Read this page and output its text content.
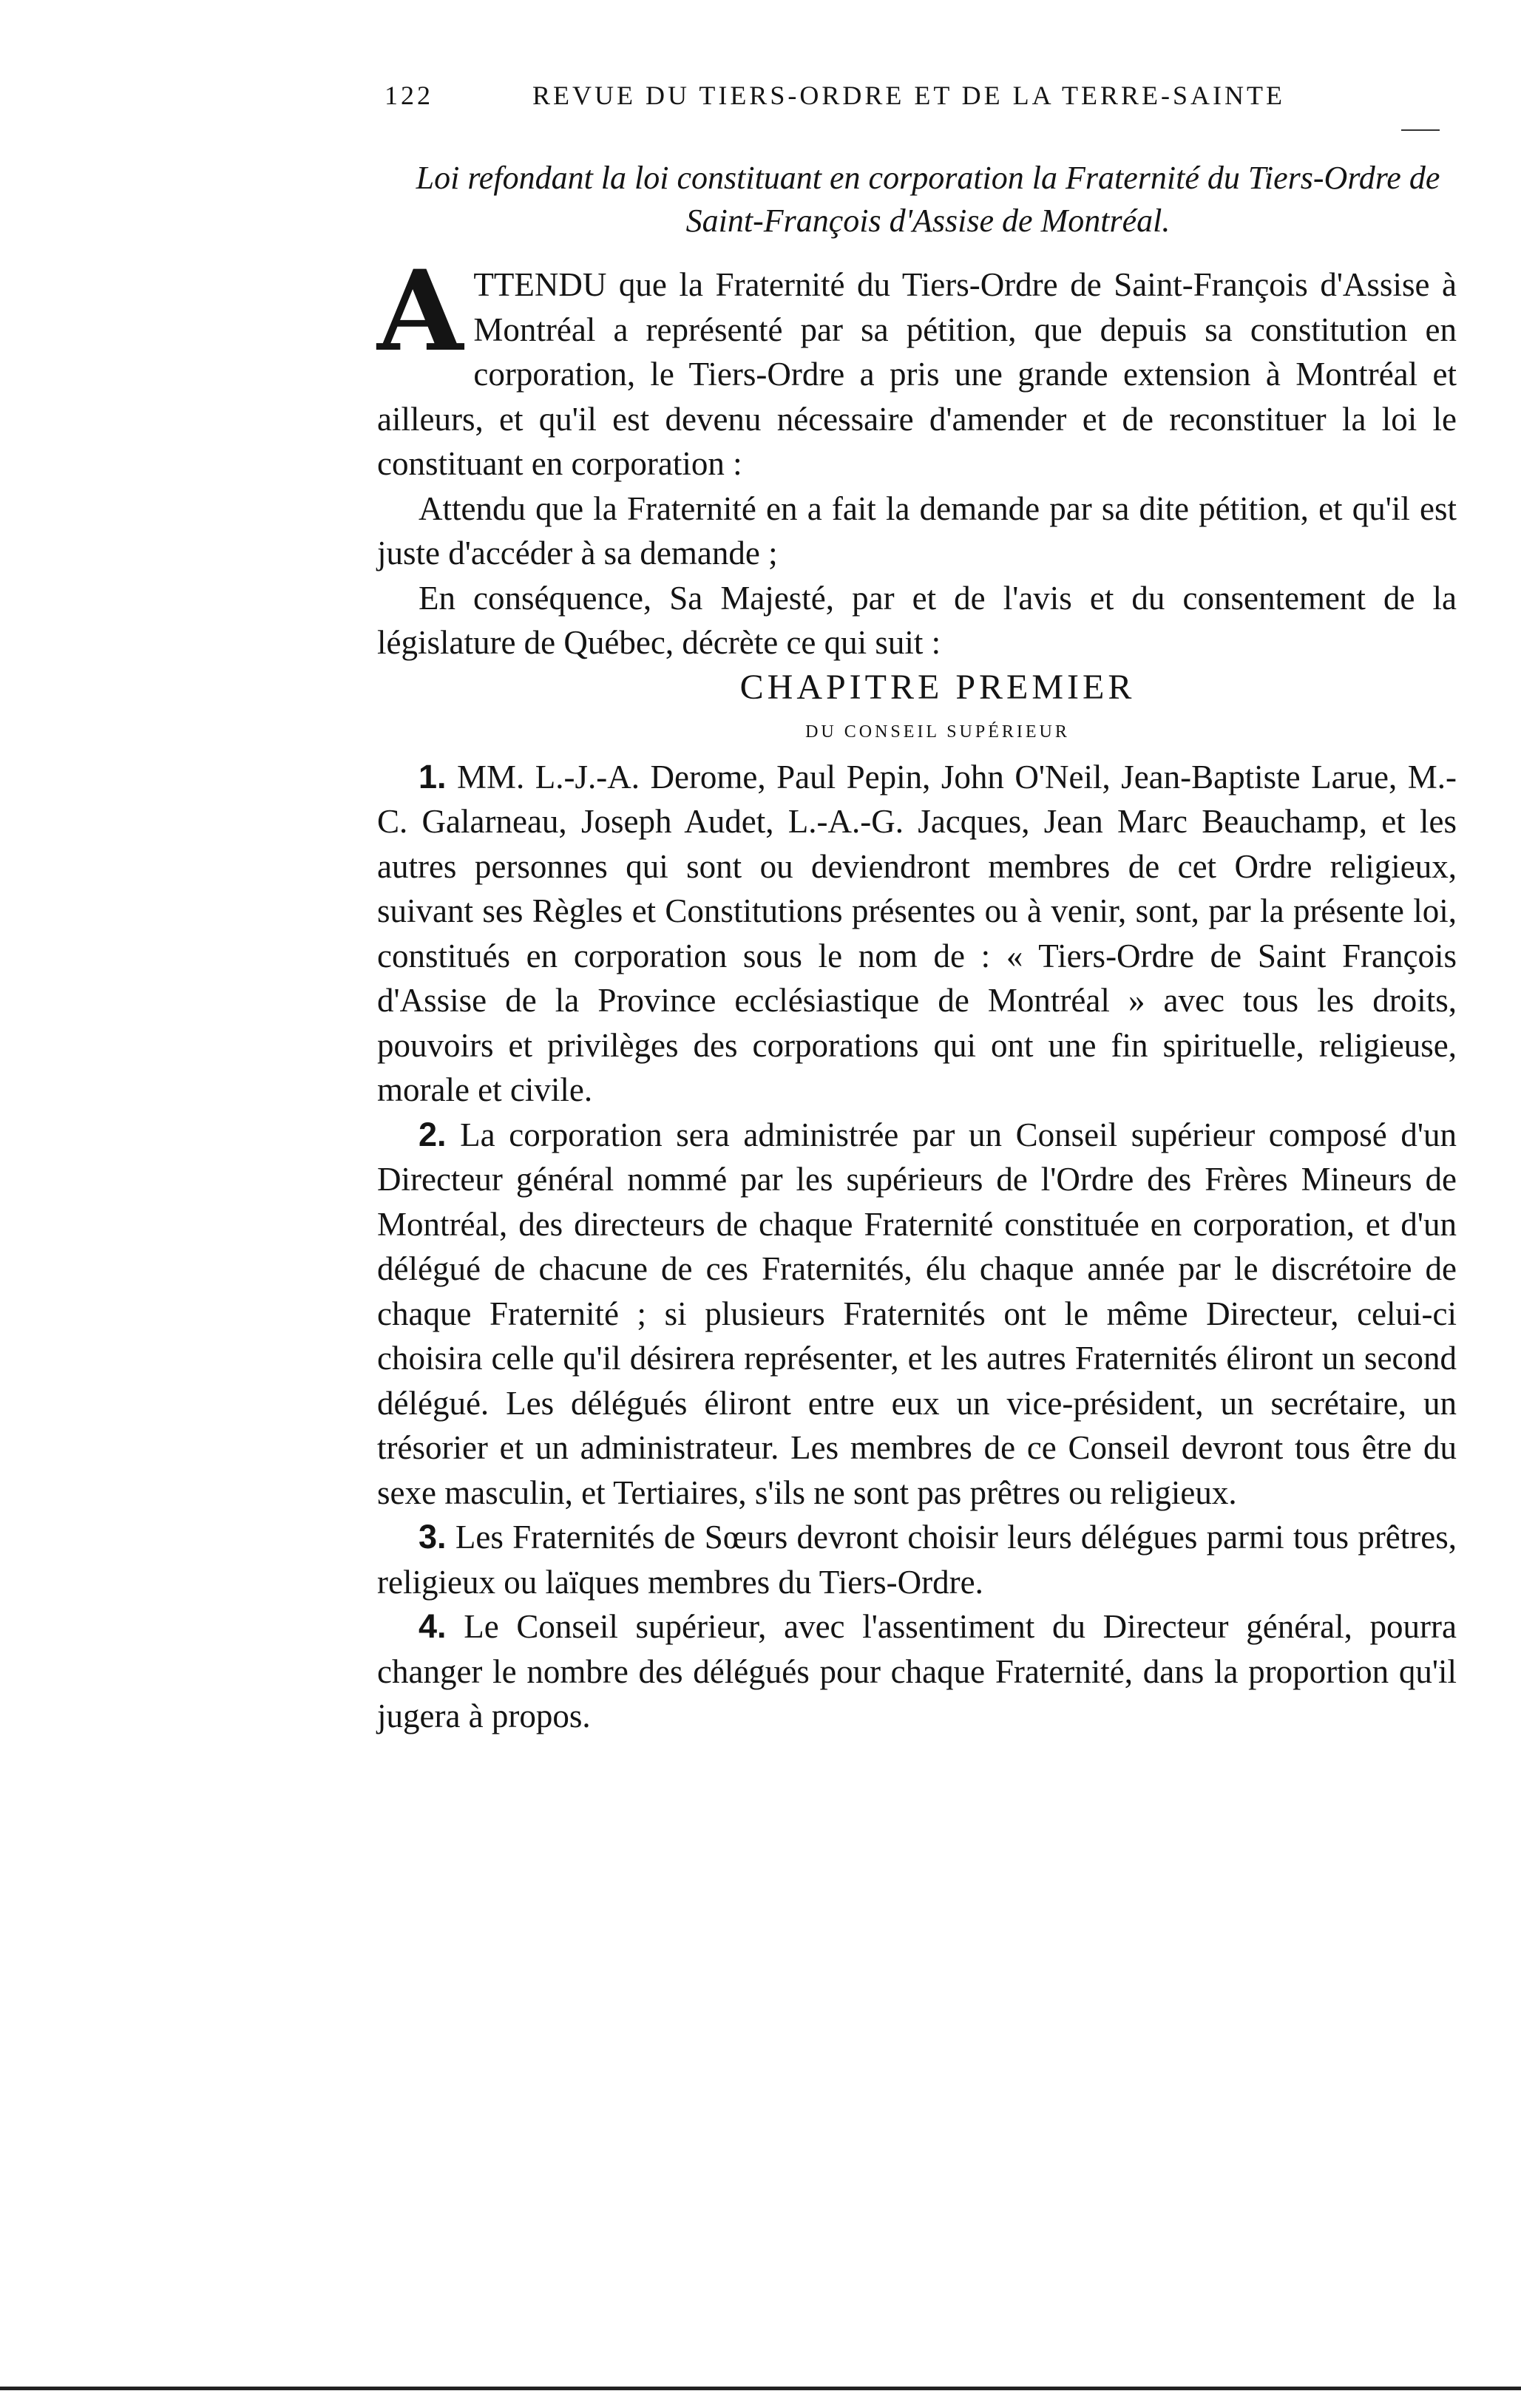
122	REVUE DU TIERS-ORDRE ET DE LA TERRE-SAINTE
Loi refondant la loi constituant en corporation la Fraternité du Tiers-Ordre de Saint-François d'Assise de Montréal.

ATTENDU que la Fraternité du Tiers-Ordre de Saint-François d'Assise à Montréal a représenté par sa pétition, que depuis sa constitution en corporation, le Tiers-Ordre a pris une grande extension à Montréal et ailleurs, et qu'il est devenu nécessaire d'amender et de reconstituer la loi le constituant en corporation :

Attendu que la Fraternité en a fait la demande par sa dite pétition, et qu'il est juste d'accéder à sa demande ;

En conséquence, Sa Majesté, par et de l'avis et du consentement de la législature de Québec, décrète ce qui suit :

CHAPITRE PREMIER

DU CONSEIL SUPÉRIEUR

1. MM. L.-J.-A. Derome, Paul Pepin, John O'Neil, Jean-Baptiste Larue, M.-C. Galarneau, Joseph Audet, L.-A.-G. Jacques, Jean Marc Beauchamp, et les autres personnes qui sont ou deviendront membres de cet Ordre religieux, suivant ses Règles et Constitutions présentes ou à venir, sont, par la présente loi, constitués en corporation sous le nom de : « Tiers-Ordre de Saint François d'Assise de la Province ecclésiastique de Montréal » avec tous les droits, pouvoirs et privilèges des corporations qui ont une fin spirituelle, religieuse, morale et civile.

2. La corporation sera administrée par un Conseil supérieur composé d'un Directeur général nommé par les supérieurs de l'Ordre des Frères Mineurs de Montréal, des directeurs de chaque Fraternité constituée en corporation, et d'un délégué de chacune de ces Fraternités, élu chaque année par le discrétoire de chaque Fraternité ; si plusieurs Fraternités ont le même Directeur, celui-ci choisira celle qu'il désirera représenter, et les autres Fraternités éliront un second délégué. Les délégués éliront entre eux un vice-président, un secrétaire, un trésorier et un administrateur. Les membres de ce Conseil devront tous être du sexe masculin, et Tertiaires, s'ils ne sont pas prêtres ou religieux.

3. Les Fraternités de Sœurs devront choisir leurs délégues parmi tous prêtres, religieux ou laïques membres du Tiers-Ordre.

4. Le Conseil supérieur, avec l'assentiment du Directeur général, pourra changer le nombre des délégués pour chaque Fraternité, dans la proportion qu'il jugera à propos.
